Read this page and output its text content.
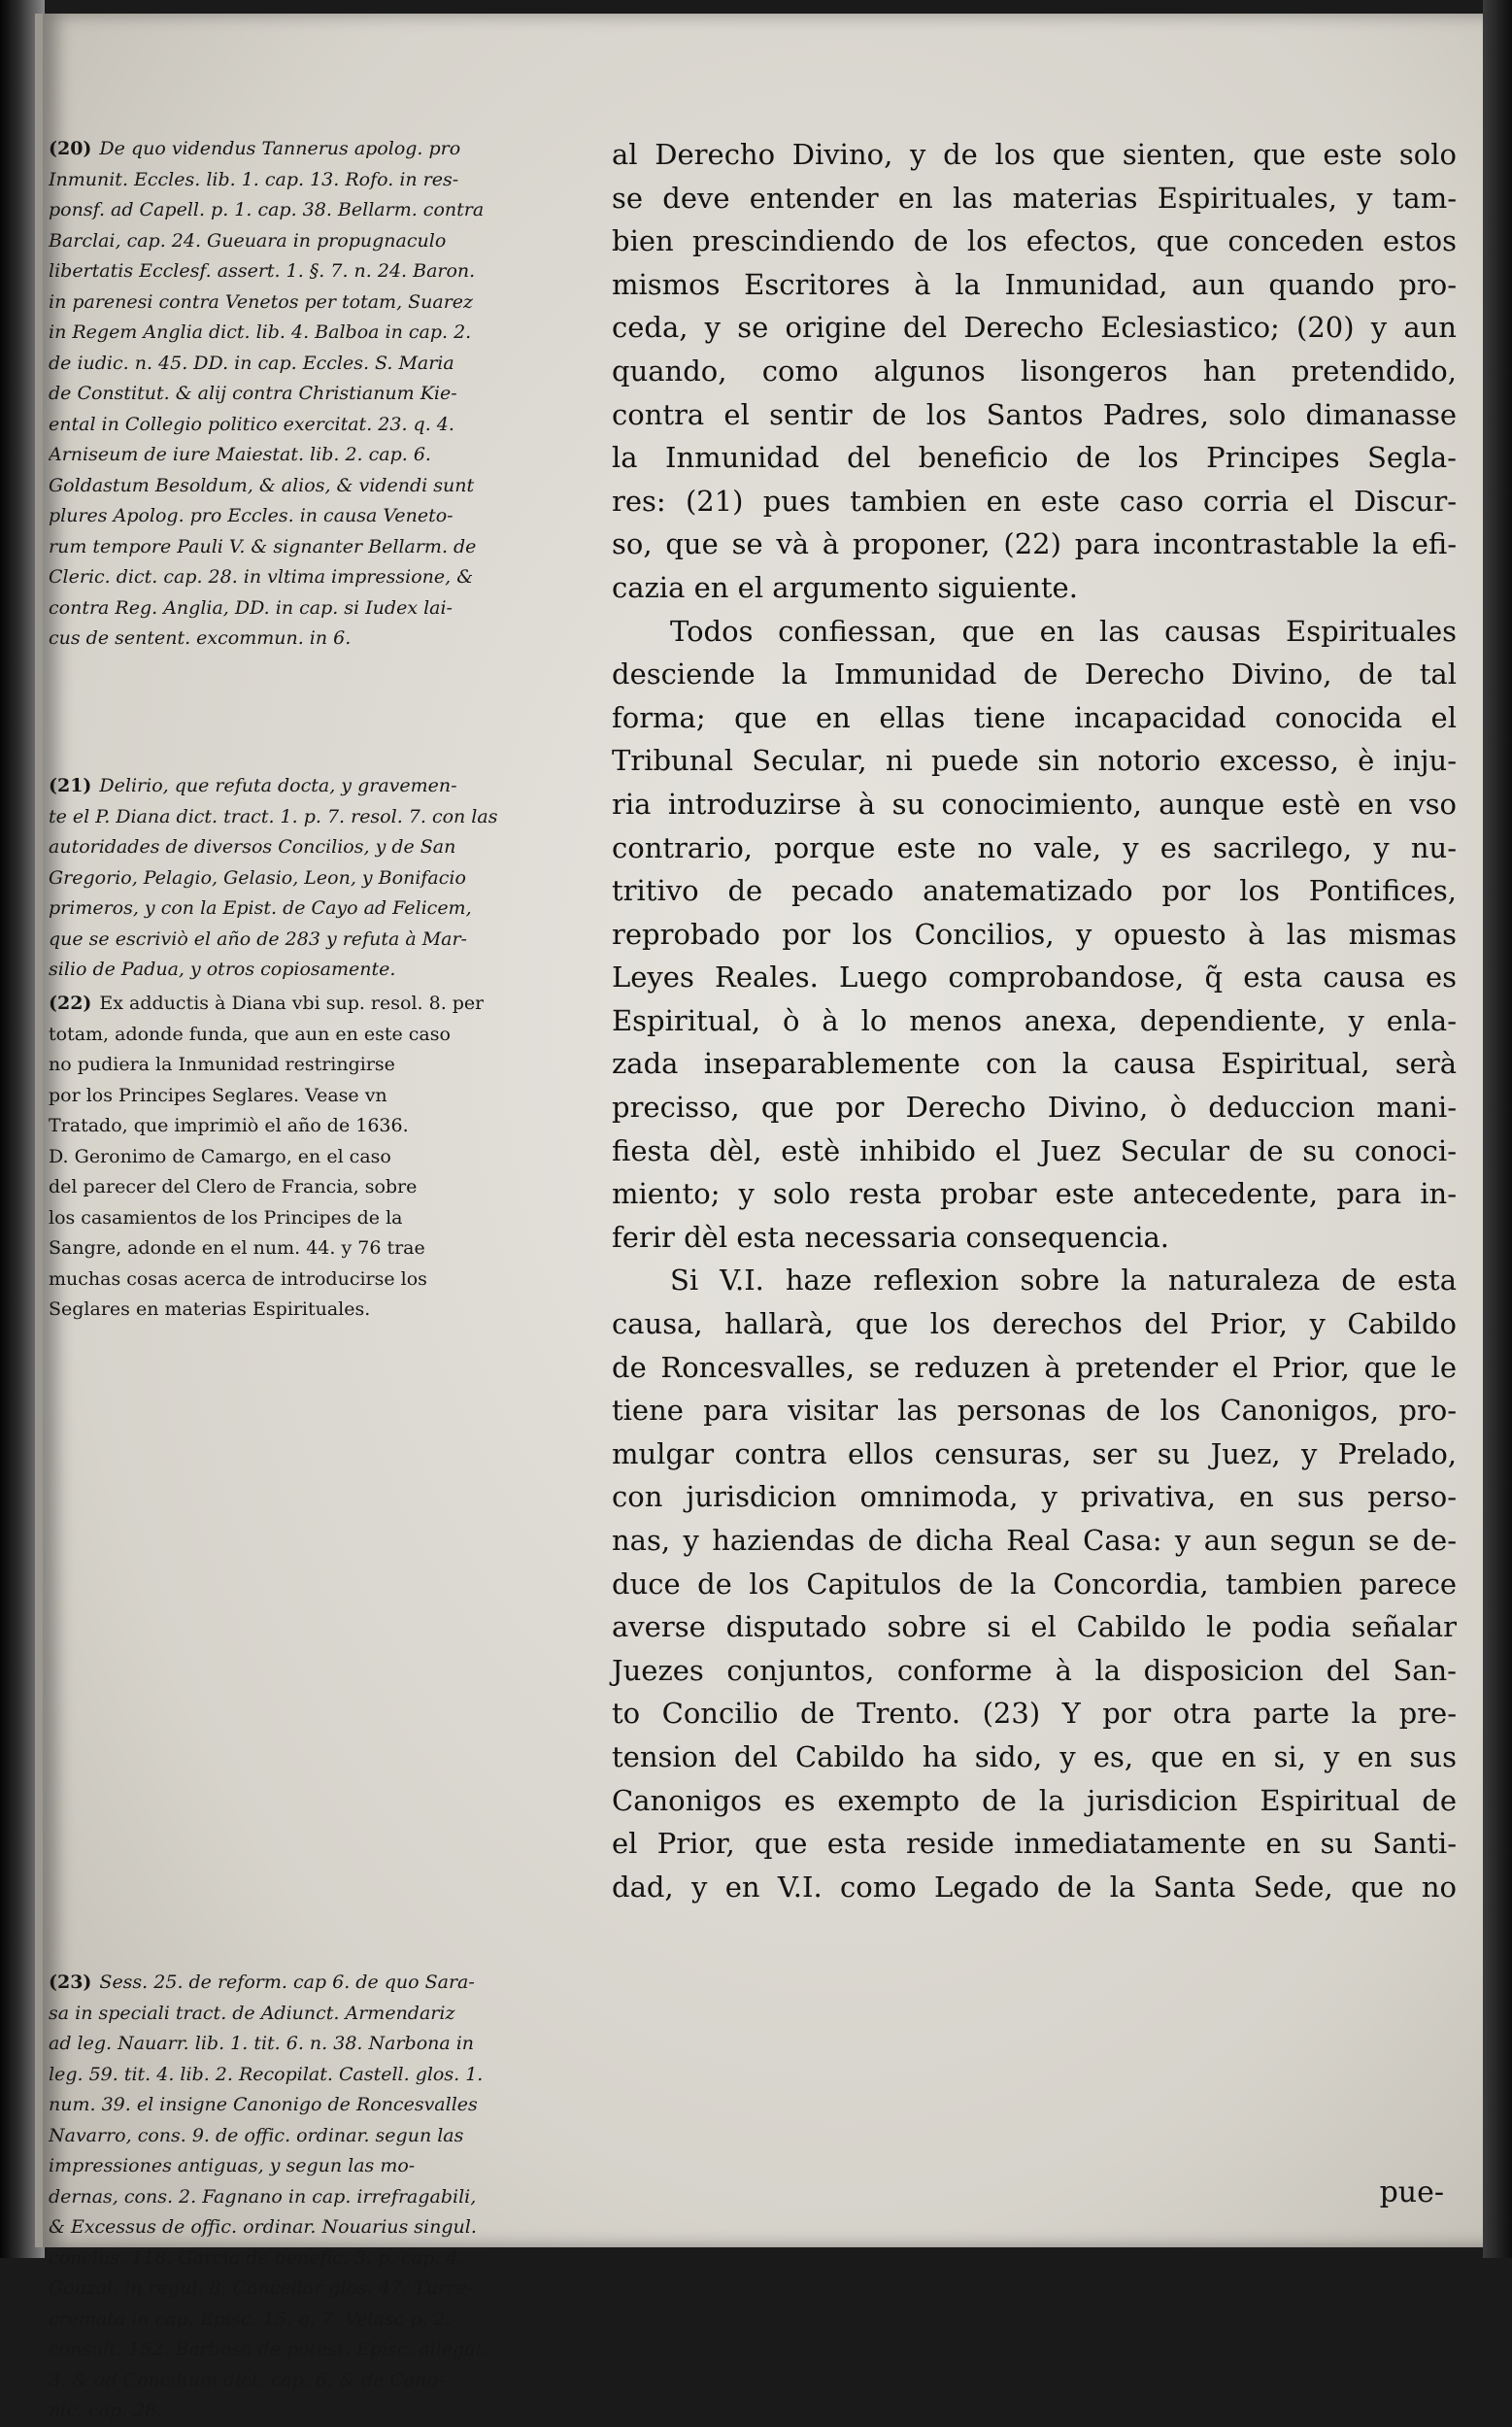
(20) De quo videndus Tannerus apolog. pro
Inmunit. Eccles. lib. 1. cap. 13. Rofo. in res-
ponsf. ad Capell. p. 1. cap. 38. Bellarm. contra
Barclai, cap. 24. Gueuara in propugnaculo
libertatis Ecclesf. assert. 1. §. 7. n. 24. Baron.
in parenesi contra Venetos per totam, Suarez
in Regem Anglia dict. lib. 4. Balboa in cap. 2.
de iudic. n. 45. DD. in cap. Eccles. S. Maria
de Constitut. & alij contra Christianum Kie-
ental in Collegio politico exercitat. 23. q. 4.
Arniseum de iure Maiestat. lib. 2. cap. 6.
Goldastum Besoldum, & alios, & videndi sunt
plures Apolog. pro Eccles. in causa Veneto-
rum tempore Pauli V. & signanter Bellarm. de
Cleric. dict. cap. 28. in vltima impressione, &
contra Reg. Anglia, DD. in cap. si Iudex lai-
cus de sentent. excommun. in 6.
(21) Delirio, que refuta docta, y gravemen-
te el P. Diana dict. tract. 1. p. 7. resol. 7. con las
autoridades de diversos Concilios, y de San
Gregorio, Pelagio, Gelasio, Leon, y Bonifacio
primeros, y con la Epist. de Cayo ad Felicem,
que se escriviò el año de 283 y refuta à Mar-
silio de Padua, y otros copiosamente.
(22) Ex adductis à Diana vbi sup. resol. 8. per
totam, adonde funda, que aun en este caso
no pudiera la Inmunidad restringirse
por los Principes Seglares. Vease vn
Tratado, que imprimiò el año de 1636.
D. Geronimo de Camargo, en el caso
del parecer del Clero de Francia, sobre
los casamientos de los Principes de la
Sangre, adonde en el num. 44. y 76 trae
muchas cosas acerca de introducirse los
Seglares en materias Espirituales.
(23) Sess. 25. de reform. cap 6. de quo Sara-
sa in speciali tract. de Adiunct. Armendariz
ad leg. Nauarr. lib. 1. tit. 6. n. 38. Narbona in
leg. 59. tit. 4. lib. 2. Recopilat. Castell. glos. 1.
num. 39. el insigne Canonigo de Roncesvalles
Navarro, cons. 9. de offic. ordinar. segun las
impressiones antiguas, y segun las mo-
dernas, cons. 2. Fagnano in cap. irrefragabili,
& Excessus de offic. ordinar. Nouarius singul.
conclus. 118. Garcia de benefic. 3. p. cap. 4.
Gonzal. in regul. 8. Cancellar glos. 47. Turre-
cremata in cap. Episc. 15. q. 7. Velasc p. 2.
consult. 152. Barbosa de potest. Episc. allegat.
3. & ad Concilium dict. cap. 6. & de Cano-
nic. cap. 28.

al Derecho Divino, y de los que sienten, que este solo
se deve entender en las materias Espirituales, y tam-
bien prescindiendo de los efectos, que conceden estos
mismos Escritores à la Inmunidad, aun quando pro-
ceda, y se origine del Derecho Eclesiastico; (20) y aun
quando, como algunos lisongeros han pretendido,
contra el sentir de los Santos Padres, solo dimanasse
la Inmunidad del beneficio de los Principes Segla-
res: (21) pues tambien en este caso corria el Discur-
so, que se và à proponer, (22) para incontrastable la efi-
cazia en el argumento siguiente.

Todos confiessan, que en las causas Espirituales
desciende la Immunidad de Derecho Divino, de tal
forma; que en ellas tiene incapacidad conocida el
Tribunal Secular, ni puede sin notorio excesso, è inju-
ria introduzirse à su conocimiento, aunque estè en vso
contrario, porque este no vale, y es sacrilego, y nu-
tritivo de pecado anatematizado por los Pontifices,
reprobado por los Concilios, y opuesto à las mismas
Leyes Reales. Luego comprobandose, q̃ esta causa es
Espiritual, ò à lo menos anexa, dependiente, y enla-
zada inseparablemente con la causa Espiritual, serà
precisso, que por Derecho Divino, ò deduccion mani-
fiesta dèl, estè inhibido el Juez Secular de su conoci-
miento; y solo resta probar este antecedente, para in-
ferir dèl esta necessaria consequencia.

Si V.I. haze reflexion sobre la naturaleza de esta
causa, hallarà, que los derechos del Prior, y Cabildo
de Roncesvalles, se reduzen à pretender el Prior, que le
tiene para visitar las personas de los Canonigos, pro-
mulgar contra ellos censuras, ser su Juez, y Prelado,
con jurisdicion omnimoda, y privativa, en sus perso-
nas, y haziendas de dicha Real Casa: y aun segun se de-
duce de los Capitulos de la Concordia, tambien parece
averse disputado sobre si el Cabildo le podia señalar
Juezes conjuntos, conforme à la disposicion del San-
to Concilio de Trento. (23) Y por otra parte la pre-
tension del Cabildo ha sido, y es, que en si, y en sus
Canonigos es exempto de la jurisdicion Espiritual de
el Prior, que esta reside inmediatamente en su Santi-
dad, y en V.I. como Legado de la Santa Sede, que no

pue-
